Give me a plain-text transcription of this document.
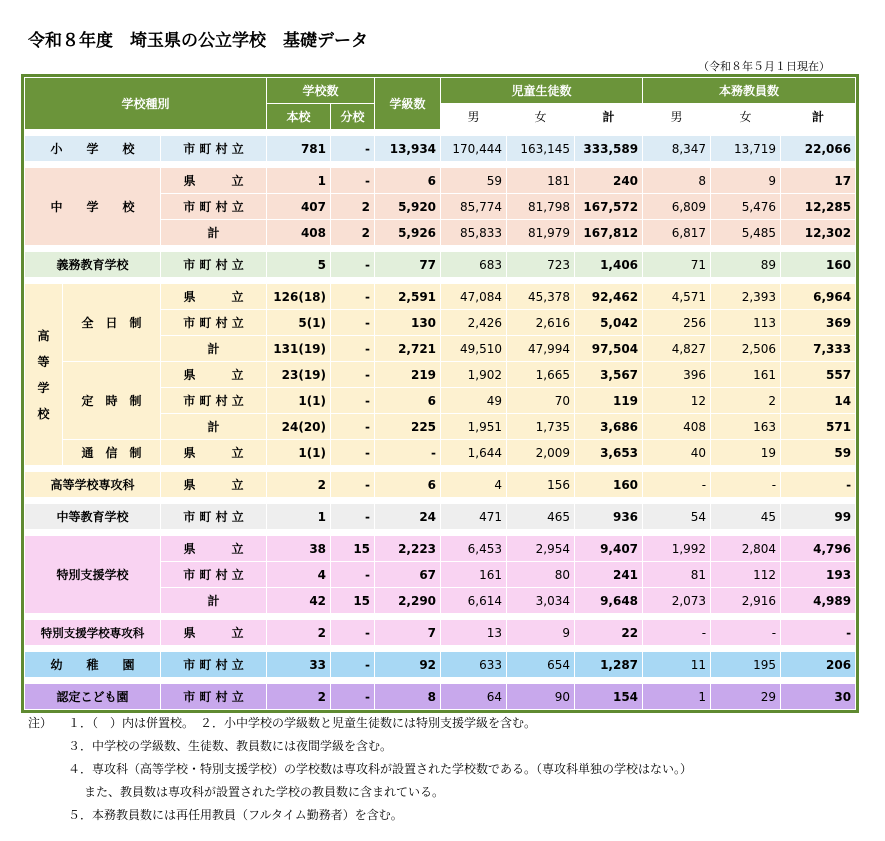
令和８年度　埼玉県の公立学校　基礎データ
（令和８年５月１日現在）
学校種別			学校数		学級数	児童生徒数			本務教員数		
			本校	分校		男	女	計	男	女	計

小　　学　　校		市 町 村 立	781	-	13,934	170,444	163,145	333,589	8,347	13,719	22,066

中　　学　　校		県　　　立	1	-	6	59	181	240	8	9	17
		市 町 村 立	407	2	5,920	85,774	81,798	167,572	6,809	5,476	12,285
		計	408	2	5,926	85,833	81,979	167,812	6,817	5,485	12,302

義務教育学校		市 町 村 立	5	-	77	683	723	1,406	71	89	160

高
等
学
校	全　日　制	県　　　立	126(18)	-	2,591	47,084	45,378	92,462	4,571	2,393	6,964
		市 町 村 立	5(1)	-	130	2,426	2,616	5,042	256	113	369
		計	131(19)	-	2,721	49,510	47,994	97,504	4,827	2,506	7,333
	定　時　制	県　　　立	23(19)	-	219	1,902	1,665	3,567	396	161	557
		市 町 村 立	1(1)	-	6	49	70	119	12	2	14
		計	24(20)	-	225	1,951	1,735	3,686	408	163	571
	通　信　制	県　　　立	1(1)	-	-	1,644	2,009	3,653	40	19	59

高等学校専攻科		県　　　立	2	-	6	4	156	160	-	-	-

中等教育学校		市 町 村 立	1	-	24	471	465	936	54	45	99

特別支援学校		県　　　立	38	15	2,223	6,453	2,954	9,407	1,992	2,804	4,796
		市 町 村 立	4	-	67	161	80	241	81	112	193
		計	42	15	2,290	6,614	3,034	9,648	2,073	2,916	4,989

特別支援学校専攻科		県　　　立	2	-	7	13	9	22	-	-	-

幼　　稚　　園		市 町 村 立	33	-	92	633	654	1,287	11	195	206

認定こども園		市 町 村 立	2	-	8	64	90	154	1	29	30
注） １．（　）内は併置校。　２．小中学校の学級数と児童生徒数には特別支援学級を含む。
３．中学校の学級数、生徒数、教員数には夜間学級を含む。
４．専攻科（高等学校・特別支援学校）の学校数は専攻科が設置された学校数である。（専攻科単独の学校はない。）
また、教員数は専攻科が設置された学校の教員数に含まれている。
５．本務教員数には再任用教員（フルタイム勤務者）を含む。
